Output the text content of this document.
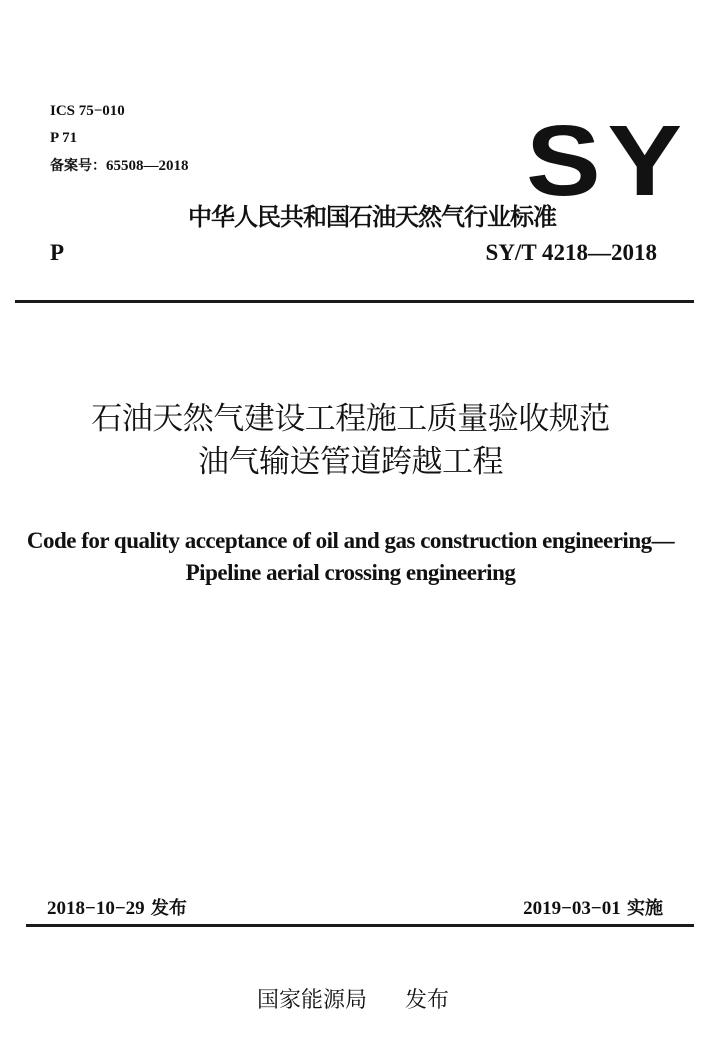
ICS 75−010
P 71
备案号：65508—2018	SY
中华人民共和国石油天然气行业标准
P	SY/T 4218—2018
石油天然气建设工程施工质量验收规范
油气输送管道跨越工程
Code for quality acceptance of oil and gas construction engineering—
Pipeline aerial crossing engineering
2018−10−29 发布	2019−03−01 实施
国家能源局 发布
